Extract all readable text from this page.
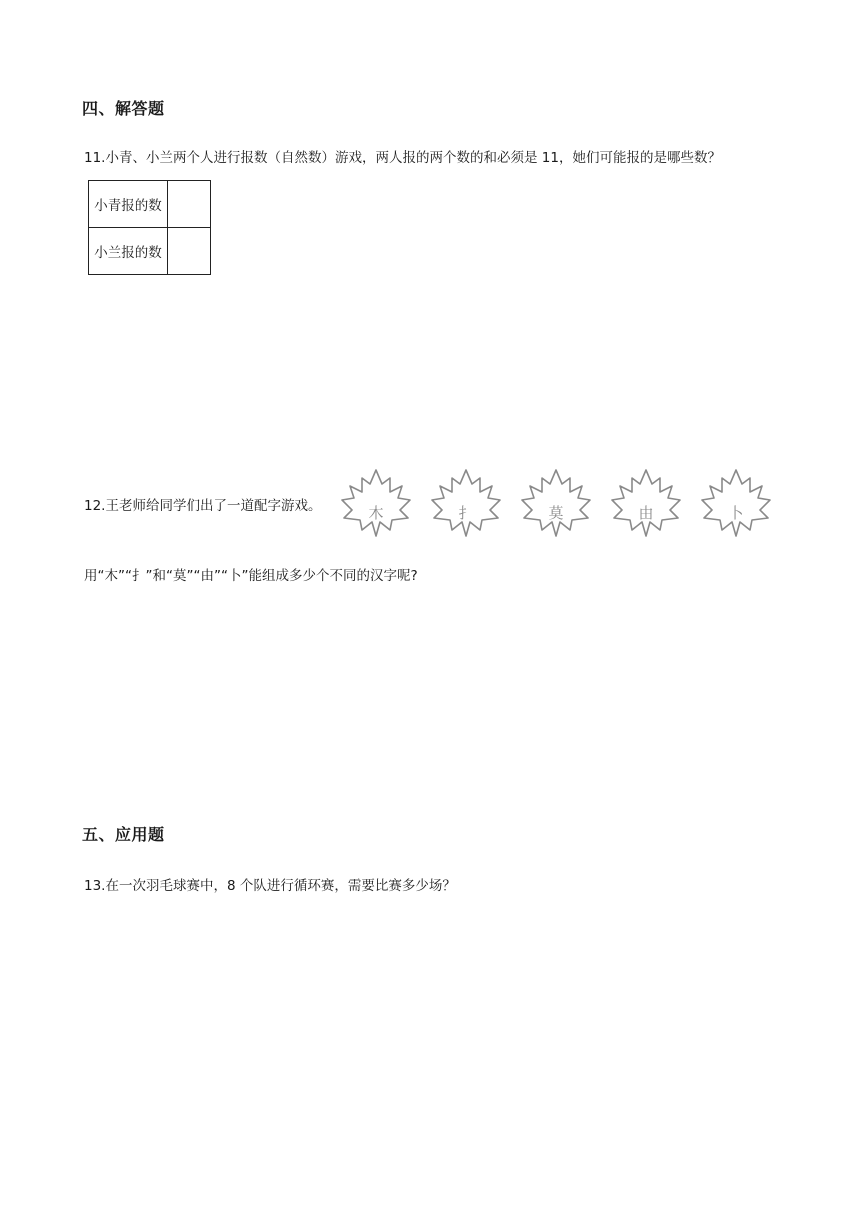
四、解答题
11.小青、小兰两个人进行报数（自然数）游戏，两人报的两个数的和必须是 11，她们可能报的是哪些数？
小青报的数	
小兰报的数	
12.王老师给同学们出了一道配字游戏。	木	扌	莫	由	卜
用“木”“扌”和“莫”“由”“卜”能组成多少个不同的汉字呢?
五、应用题
13.在一次羽毛球赛中，8 个队进行循环赛，需要比赛多少场？
